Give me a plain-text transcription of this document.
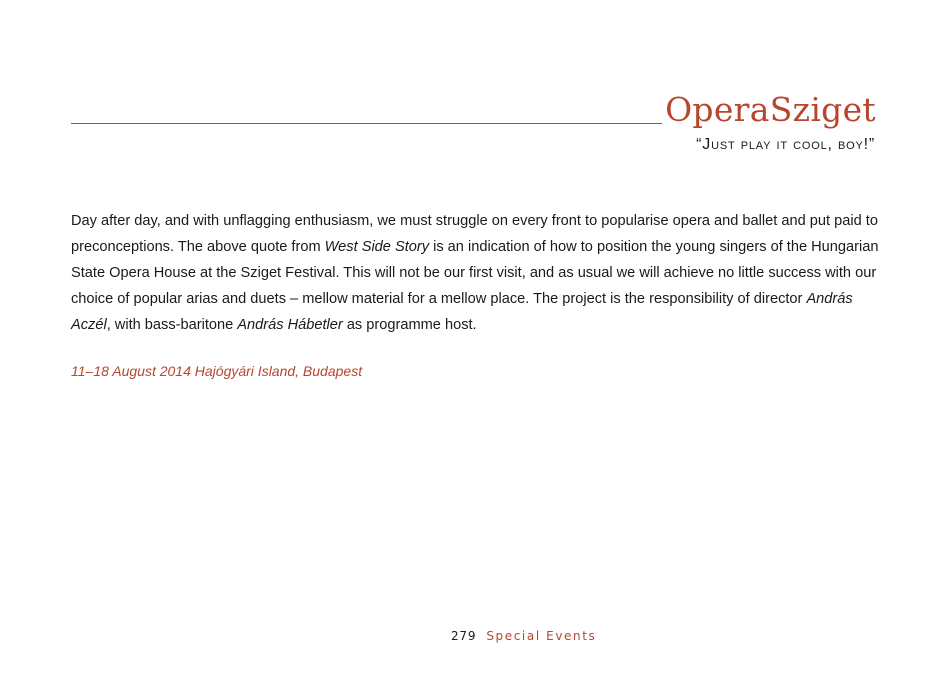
OperaSziget
“Just play it cool, boy!”

Day after day, and with unflagging enthusiasm, we must struggle on every front to popularise opera and ballet and put paid to preconceptions. The above quote from West Side Story is an indication of how to position the young singers of the Hungarian State Opera House at the Sziget Festival. This will not be our first visit, and as usual we will achieve no little success with our choice of popular arias and duets – mellow material for a mellow place. The project is the responsibility of director András Aczél, with bass-baritone András Hábetler as programme host.

11–18 August 2014 Hajógyári Island, Budapest
279 Special Events
